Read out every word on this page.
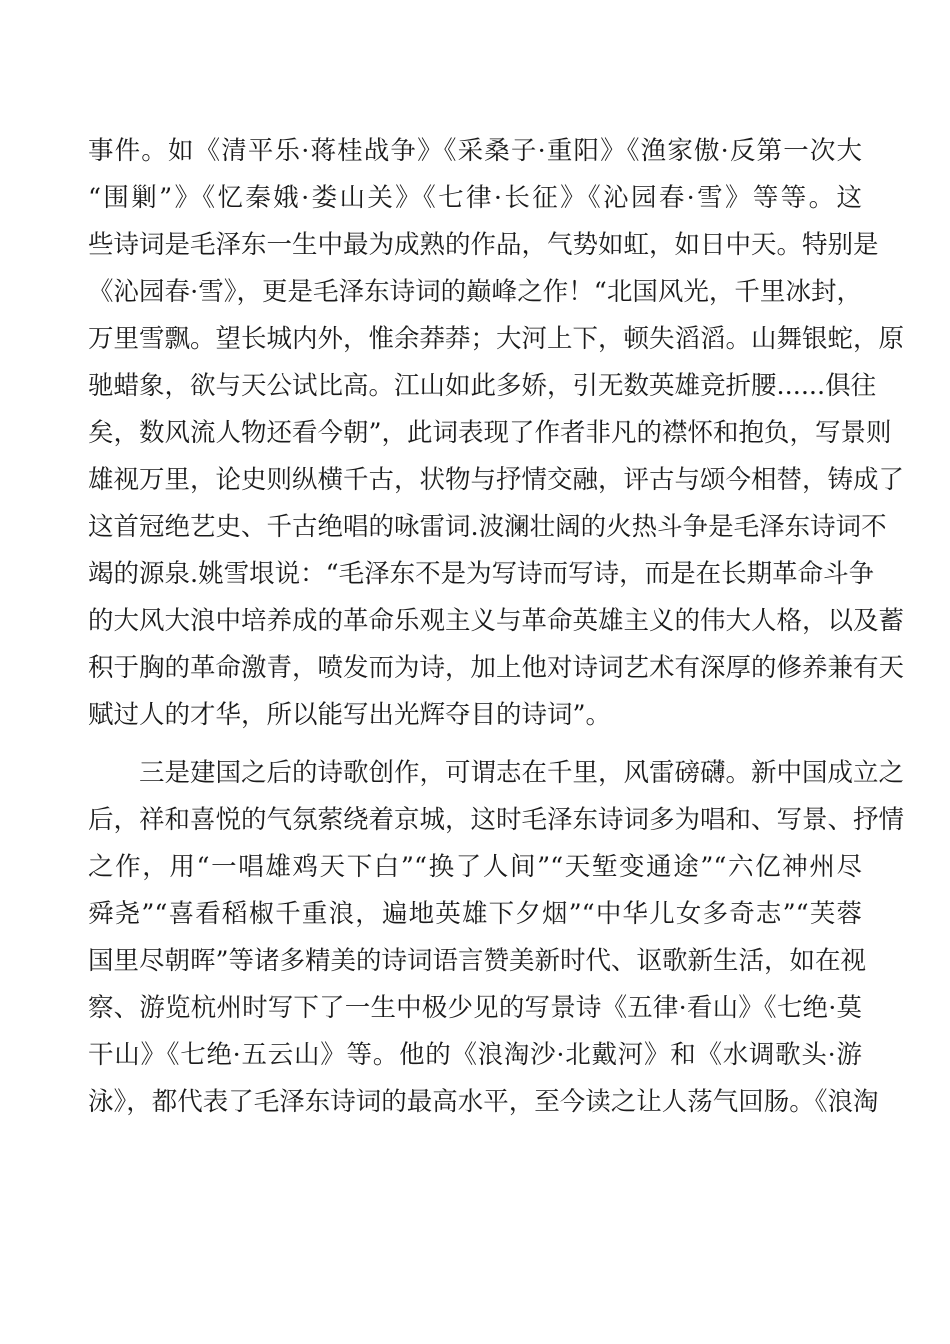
事件。如《清平乐·蒋桂战争》《采桑子·重阳》《渔家傲·反第一次大
“围剿”》《忆秦娥·娄山关》《七律·长征》《沁园春·雪》等等。这
些诗词是毛泽东一生中最为成熟的作品，气势如虹，如日中天。特别是
《沁园春·雪》，更是毛泽东诗词的巅峰之作！“北国风光，千里冰封，
万里雪飘。望长城内外，惟余莽莽；大河上下，顿失滔滔。山舞银蛇，原
驰蜡象，欲与天公试比高。江山如此多娇，引无数英雄竞折腰......俱往
矣，数风流人物还看今朝”，此词表现了作者非凡的襟怀和抱负，写景则
雄视万里，论史则纵横千古，状物与抒情交融，评古与颂今相替，铸成了
这首冠绝艺史、千古绝唱的咏雷词.波澜壮阔的火热斗争是毛泽东诗词不
竭的源泉.姚雪垠说：“毛泽东不是为写诗而写诗，而是在长期革命斗争
的大风大浪中培养成的革命乐观主义与革命英雄主义的伟大人格，以及蓄
积于胸的革命激青，喷发而为诗，加上他对诗词艺术有深厚的修养兼有天
赋过人的才华，所以能写出光辉夺目的诗词”。
三是建国之后的诗歌创作，可谓志在千里，风雷磅礴。新中国成立之
后，祥和喜悦的气氛萦绕着京城，这时毛泽东诗词多为唱和、写景、抒情
之作，用“一唱雄鸡天下白”“换了人间”“天堑变通途”“六亿神州尽
舜尧”“喜看稻椒千重浪，遍地英雄下夕烟”“中华儿女多奇志”“芙蓉
国里尽朝晖”等诸多精美的诗词语言赞美新时代、讴歌新生活，如在视
察、游览杭州时写下了一生中极少见的写景诗《五律·看山》《七绝·莫
干山》《七绝·五云山》等。他的《浪淘沙·北戴河》和《水调歌头·游
泳》，都代表了毛泽东诗词的最高水平，至今读之让人荡气回肠。《浪淘
